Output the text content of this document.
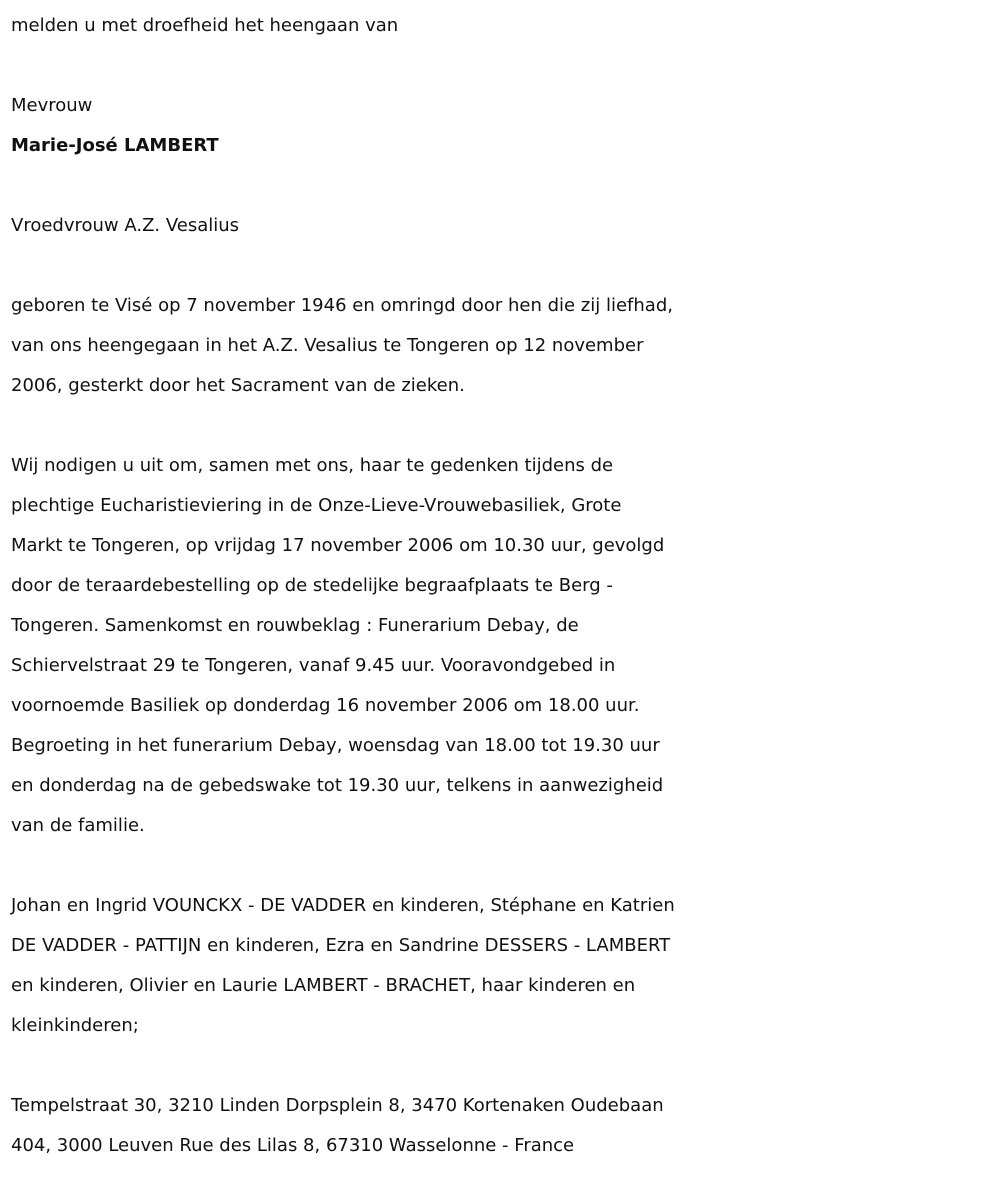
melden u met droefheid het heengaan van
Mevrouw
Marie-José LAMBERT
Vroedvrouw A.Z. Vesalius
geboren te Visé op 7 november 1946 en omringd door hen die zij liefhad,
van ons heengegaan in het A.Z. Vesalius te Tongeren op 12 november
2006, gesterkt door het Sacrament van de zieken.
Wij nodigen u uit om, samen met ons, haar te gedenken tijdens de
plechtige Eucharistieviering in de Onze-Lieve-Vrouwebasiliek, Grote
Markt te Tongeren, op vrijdag 17 november 2006 om 10.30 uur, gevolgd
door de teraardebestelling op de stedelijke begraafplaats te Berg -
Tongeren. Samenkomst en rouwbeklag : Funerarium Debay, de
Schiervelstraat 29 te Tongeren, vanaf 9.45 uur. Vooravondgebed in
voornoemde Basiliek op donderdag 16 november 2006 om 18.00 uur.
Begroeting in het funerarium Debay, woensdag van 18.00 tot 19.30 uur
en donderdag na de gebedswake tot 19.30 uur, telkens in aanwezigheid
van de familie.
Johan en Ingrid VOUNCKX - DE VADDER en kinderen, Stéphane en Katrien
DE VADDER - PATTIJN en kinderen, Ezra en Sandrine DESSERS - LAMBERT
en kinderen, Olivier en Laurie LAMBERT - BRACHET, haar kinderen en
kleinkinderen;
Tempelstraat 30, 3210 Linden Dorpsplein 8, 3470 Kortenaken Oudebaan
404, 3000 Leuven Rue des Lilas 8, 67310 Wasselonne - France
